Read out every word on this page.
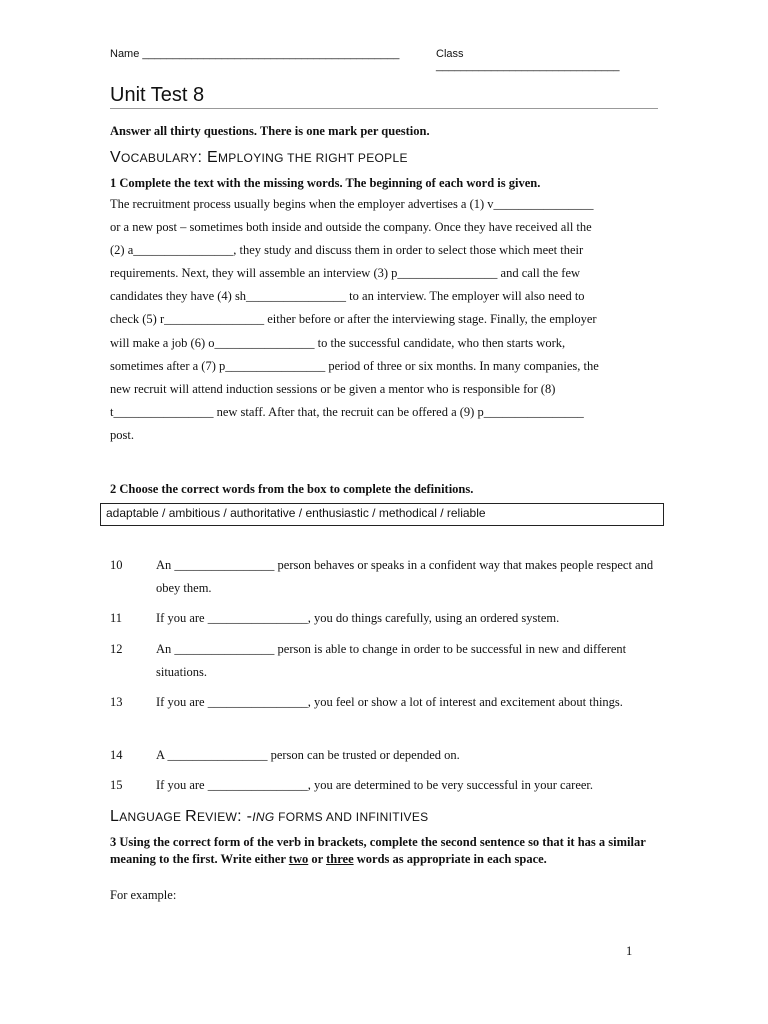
Name __________________________________________	Class ______________________________
Unit Test 8
Answer all thirty questions. There is one mark per question.
VOCABULARY: EMPLOYING THE RIGHT PEOPLE
1 Complete the text with the missing words. The beginning of each word is given.

The recruitment process usually begins when the employer advertises a (1) v________________

or a new post – sometimes both inside and outside the company. Once they have received all the

(2) a________________, they study and discuss them in order to select those which meet their

requirements. Next, they will assemble an interview (3) p________________ and call the few

candidates they have (4) sh________________ to an interview. The employer will also need to

check (5) r________________ either before or after the interviewing stage. Finally, the employer

will make a job (6) o________________ to the successful candidate, who then starts work,

sometimes after a (7) p________________ period of three or six months. In many companies, the

new recruit will attend induction sessions or be given a mentor who is responsible for (8)

t________________ new staff. After that, the recruit can be offered a (9) p________________

post.

2 Choose the correct words from the box to complete the definitions.
adaptable / ambitious / authoritative / enthusiastic / methodical / reliable
10	An ________________ person behaves or speaks in a confident way that makes people respect and obey them.
11	If you are ________________, you do things carefully, using an ordered system.
12	An ________________ person is able to change in order to be successful in new and different situations.
13	If you are ________________, you feel or show a lot of interest and excitement about things.
14	A ________________ person can be trusted or depended on.
15	If you are ________________, you are determined to be very successful in your career.
LANGUAGE REVIEW: -ING FORMS AND INFINITIVES
3 Using the correct form of the verb in brackets, complete the second sentence so that it has a similar meaning to the first. Write either two or three words as appropriate in each space.
For example:
1
